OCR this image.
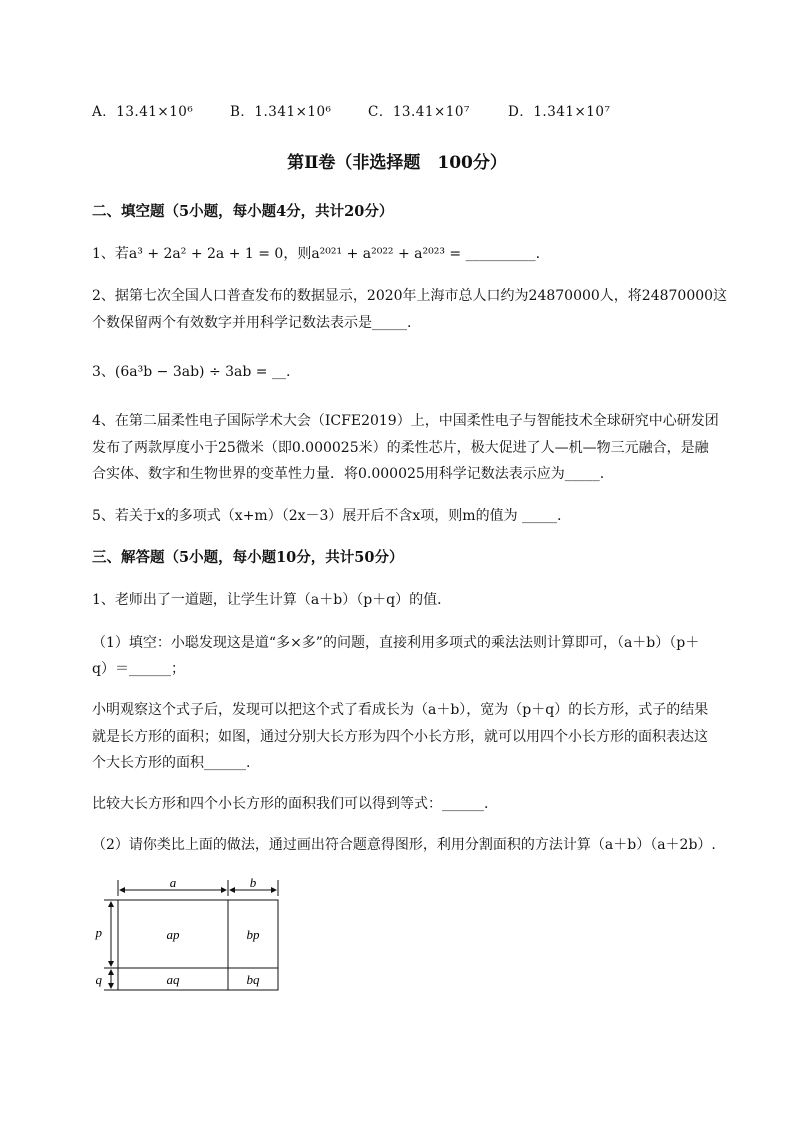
A．13.41×10⁶	B．1.341×10⁶	C．13.41×10⁷	D．1.341×10⁷
第Ⅱ卷（非选择题　100分）
二、填空题（5小题，每小题4分，共计20分）
1、若a³ + 2a² + 2a + 1 = 0，则a²⁰²¹ + a²⁰²² + a²⁰²³ = __________.
2、据第七次全国人口普查发布的数据显示，2020年上海市总人口约为24870000人，将24870000这
个数保留两个有效数字并用科学记数法表示是_____.
3、(6a³b − 3ab) ÷ 3ab = __.
4、在第二届柔性电子国际学术大会（ICFE2019）上，中国柔性电子与智能技术全球研究中心研发团
发布了两款厚度小于25微米（即0.000025米）的柔性芯片，极大促进了人—机—物三元融合，是融
合实体、数字和生物世界的变革性力量．将0.000025用科学记数法表示应为_____.
5、若关于x的多项式（x+m）（2x－3）展开后不含x项，则m的值为 _____.
三、解答题（5小题，每小题10分，共计50分）
1、老师出了一道题，让学生计算（a＋b）（p＋q）的值．
（1）填空：小聪发现这是道“多×多”的问题，直接利用多项式的乘法法则计算即可，（a＋b）（p＋
q）＝______；
小明观察这个式子后，发现可以把这个式了看成长为（a＋b），宽为（p＋q）的长方形，式子的结果
就是长方形的面积；如图，通过分别大长方形为四个小长方形，就可以用四个小长方形的面积表达这
个大长方形的面积______.
比较大长方形和四个小长方形的面积我们可以得到等式：______.
（2）请你类比上面的做法，通过画出符合题意得图形，利用分割面积的方法计算（a＋b）（a＋2b）.
a	b
p
q
ap	bp
aq	bq
